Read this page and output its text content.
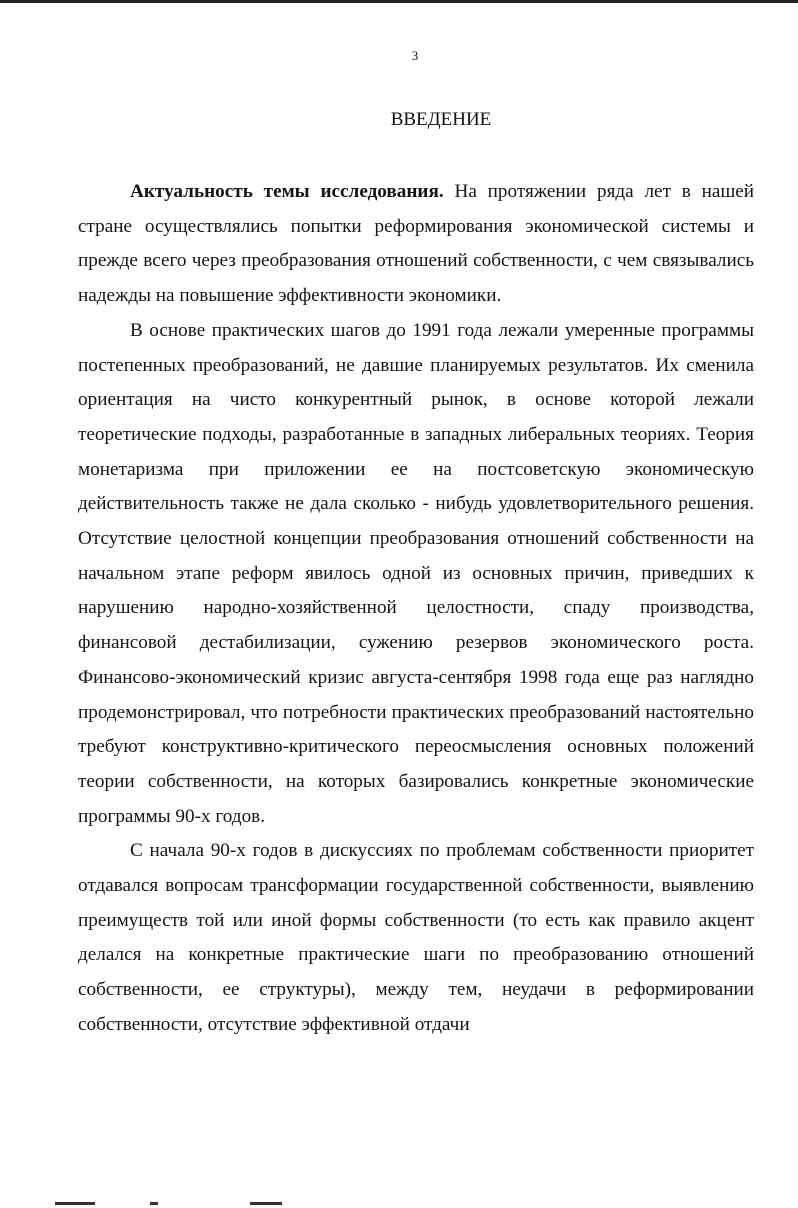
3
ВВЕДЕНИЕ

Актуальность темы исследования. На протяжении ряда лет в нашей стране осуществлялись попытки реформирования экономической системы и прежде всего через преобразования отношений собственности, с чем связывались надежды на повышение эффективности экономики.

В основе практических шагов до 1991 года лежали умеренные программы постепенных преобразований, не давшие планируемых результатов. Их сменила ориентация на чисто конкурентный рынок, в основе которой лежали теоретические подходы, разработанные в западных либеральных теориях. Теория монетаризма при приложении ее на постсоветскую экономическую действительность также не дала сколько - нибудь удовлетворительного решения. Отсутствие целостной концепции преобразования отношений собственности на начальном этапе реформ явилось одной из основных причин, приведших к нарушению народно-хозяйственной целостности, спаду производства, финансовой дестабилизации, сужению резервов экономического роста. Финансово-экономический кризис августа-сентября 1998 года еще раз наглядно продемонстрировал, что потребности практических преобразований настоятельно требуют конструктивно-критического переосмысления основных положений теории собственности, на которых базировались конкретные экономические программы 90-х годов.

С начала 90-х годов в дискуссиях по проблемам собственности приоритет отдавался вопросам трансформации государственной собственности, выявлению преимуществ той или иной формы собственности (то есть как правило акцент делался на конкретные практические шаги по преобразованию отношений собственности, ее структуры), между тем, неудачи в реформировании собственности, отсутствие эффективной отдачи
